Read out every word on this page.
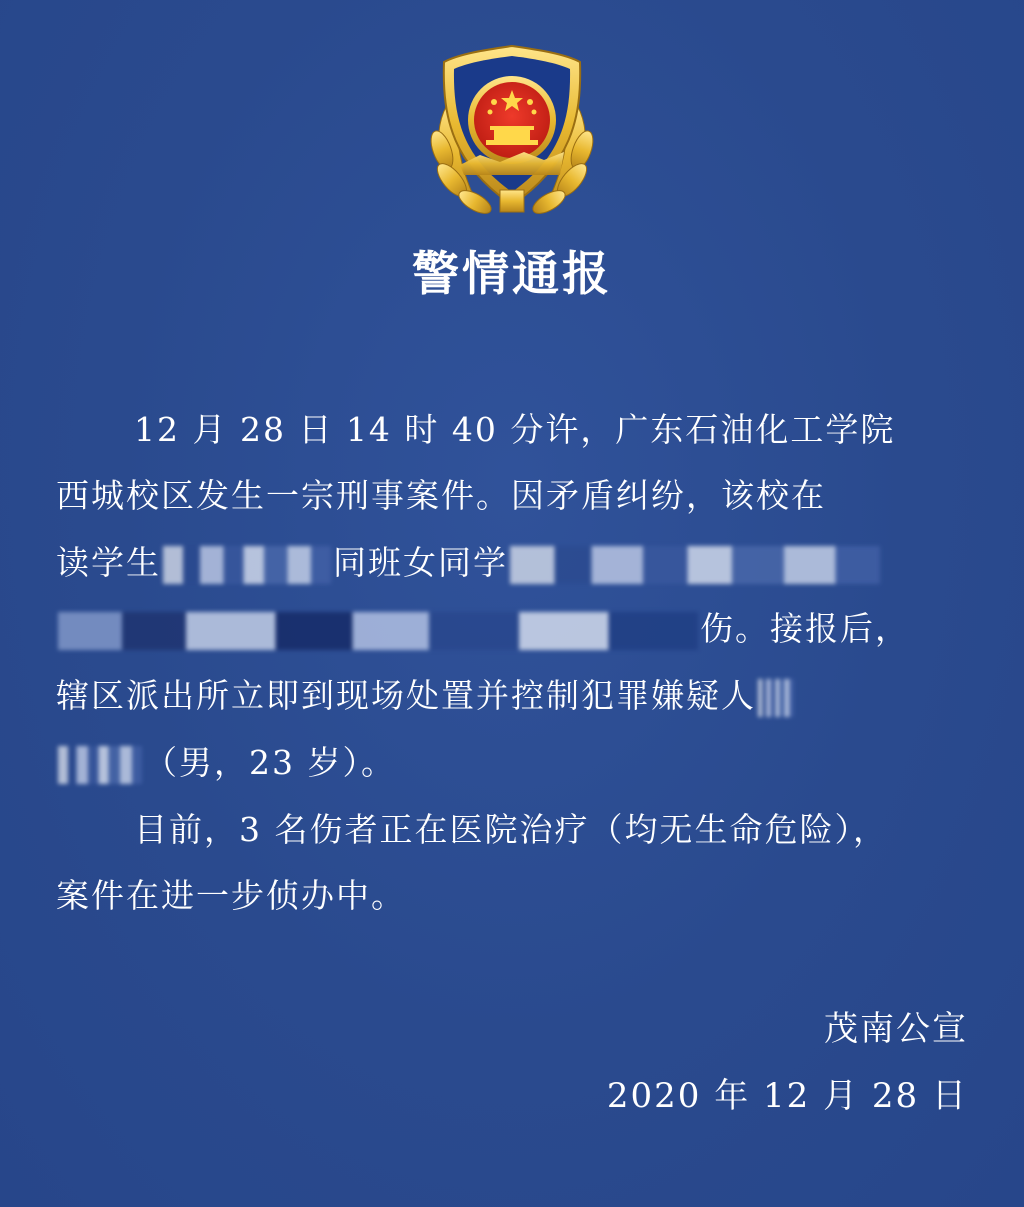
警情通报
12 月 28 日 14 时 40 分许，广东石油化工学院
西城校区发生一宗刑事案件。因矛盾纠纷，该校在
读学生	同班女同学
伤。接报后，
辖区派出所立即到现场处置并控制犯罪嫌疑人
（男，23 岁）。
目前，3 名伤者正在医院治疗（均无生命危险），
案件在进一步侦办中。
茂南公宣
2020 年 12 月 28 日
